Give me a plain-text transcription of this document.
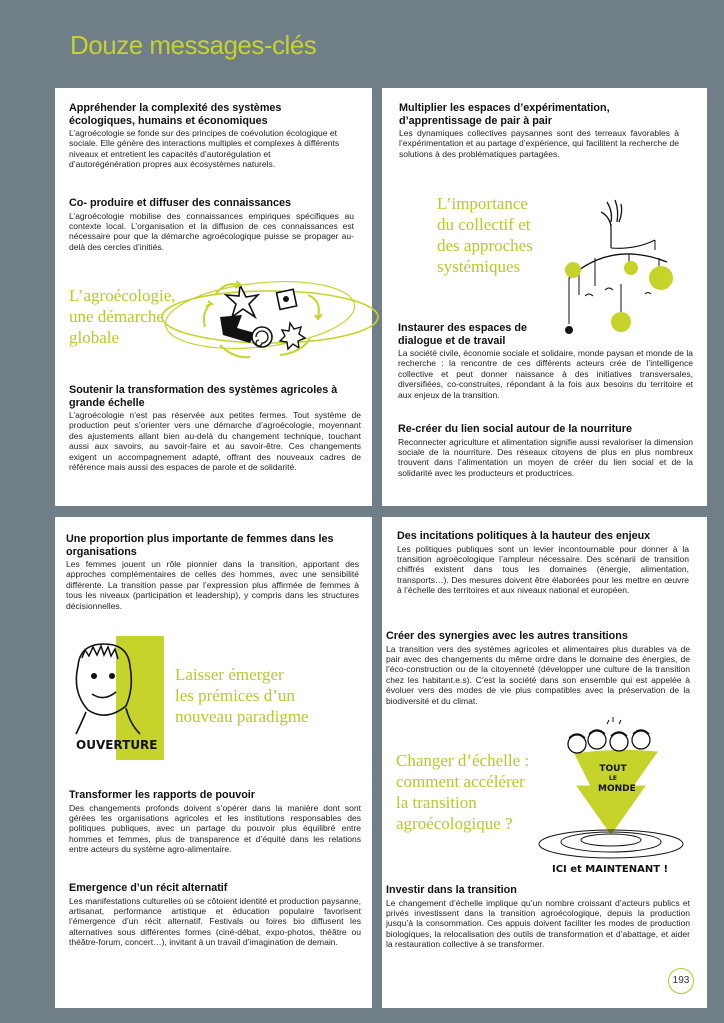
Douze messages-clés
Appréhender la complexité des systèmes écologiques, humains et économiques

L’agroécologie se fonde sur des principes de coévolution écologique et sociale. Elle génère des interactions multiples et complexes à différents niveaux et entretient les capacités d’autorégulation et d’autorégénération propres aux écosystèmes naturels.

Co- produire et diffuser des connaissances

L’agroécologie mobilise des connaissances empiriques spécifiques au contexte local. L’organisation et la diffusion de ces connaissances est nécessaire pour que la démarche agroécologique puisse se propager au-delà des cercles d’initiés.

L’agroécologie,
une démarche
globale
Soutenir la transformation des systèmes agricoles à grande échelle

L’agroécologie n’est pas réservée aux petites fermes. Tout système de production peut s’orienter vers une démarche d’agroécologie, moyennant des ajustements allant bien au-delà du changement technique, touchant aussi aux savoirs, au savoir-faire et au savoir-être. Ces changements exigent un accompagnement adapté, offrant des nouveaux cadres de référence mais aussi des espaces de parole et de solidarité.

Multiplier les espaces d’expérimentation, d’apprentissage de pair à pair

Les dynamiques collectives paysannes sont des terreaux favorables à l’expérimentation et au partage d’expérience, qui facilitent la recherche de solutions à des problématiques partagées.

L’importance
du collectif et
des approches
systémiques
Instaurer des espaces de dialogue et de travail

La société civile, économie sociale et solidaire, monde paysan et monde de la recherche : la rencontre de ces différents acteurs crée de l’intelligence collective et peut donner naissance à des initiatives transversales, diversifiées, co-construites, répondant à la fois aux besoins du territoire et aux enjeux de la transition.

Re-créer du lien social autour de la nourriture

Reconnecter agriculture et alimentation signifie aussi revaloriser la dimension sociale de la nourriture. Des réseaux citoyens de plus en plus nombreux trouvent dans l’alimentation un moyen de créer du lien social et de la solidarité avec les producteurs et productrices.

Une proportion plus importante de femmes dans les organisations

Les femmes jouent un rôle pionnier dans la transition, apportant des approches complémentaires de celles des hommes, avec une sensibilité différente. La transition passe par l’expression plus affirmée de femmes à tous les niveaux (participation et leadership), y compris dans les structures décisionnelles.

OUVERTURE
Laisser émerger
les prémices d’un
nouveau paradigme
Transformer les rapports de pouvoir

Des changements profonds doivent s’opérer dans la manière dont sont gérées les organisations agricoles et les institutions responsables des politiques publiques, avec un partage du pouvoir plus équilibré entre hommes et femmes, plus de transparence et d’équité dans les relations entre acteurs du système agro-alimentaire.

Emergence d’un récit alternatif

Les manifestations culturelles où se côtoient identité et production paysanne, artisanat, performance artistique et éducation populaire favorisent l’émergence d’un récit alternatif. Festivals ou foires bio diffusent les alternatives sous différentes formes (ciné-débat, expo-photos, théâtre ou théâtre-forum, concert…), invitant à un travail d’imagination de demain.

Des incitations politiques à la hauteur des enjeux

Les politiques publiques sont un levier incontournable pour donner à la transition agroécologique l’ampleur nécessaire. Des scénarii de transition chiffrés existent dans tous les domaines (énergie, alimentation, transports…). Des mesures doivent être élaborées pour les mettre en œuvre à l’échelle des territoires et aux niveaux national et européen.

Créer des synergies avec les autres transitions

La transition vers des systèmes agricoles et alimentaires plus durables va de pair avec des changements du même ordre dans le domaine des énergies, de l’éco-construction ou de la citoyenneté (développer une culture de la transition chez les habitant.e.s). C’est la société dans son ensemble qui est appelée à évoluer vers des modes de vie plus compatibles avec la préservation de la biodiversité et du climat.

Changer d’échelle :
comment accélérer
la transition
agroécologique ?
TOUT
LE
MONDE
ICI et MAINTENANT !
Investir dans la transition

Le changement d’échelle implique qu’un nombre croissant d’acteurs publics et privés investissent dans la transition agroécologique, depuis la production jusqu’à la consommation. Ces appuis doivent faciliter les modes de production biologiques, la relocalisation des outils de transformation et d’abattage, et aider la restauration collective à se transformer.

193
